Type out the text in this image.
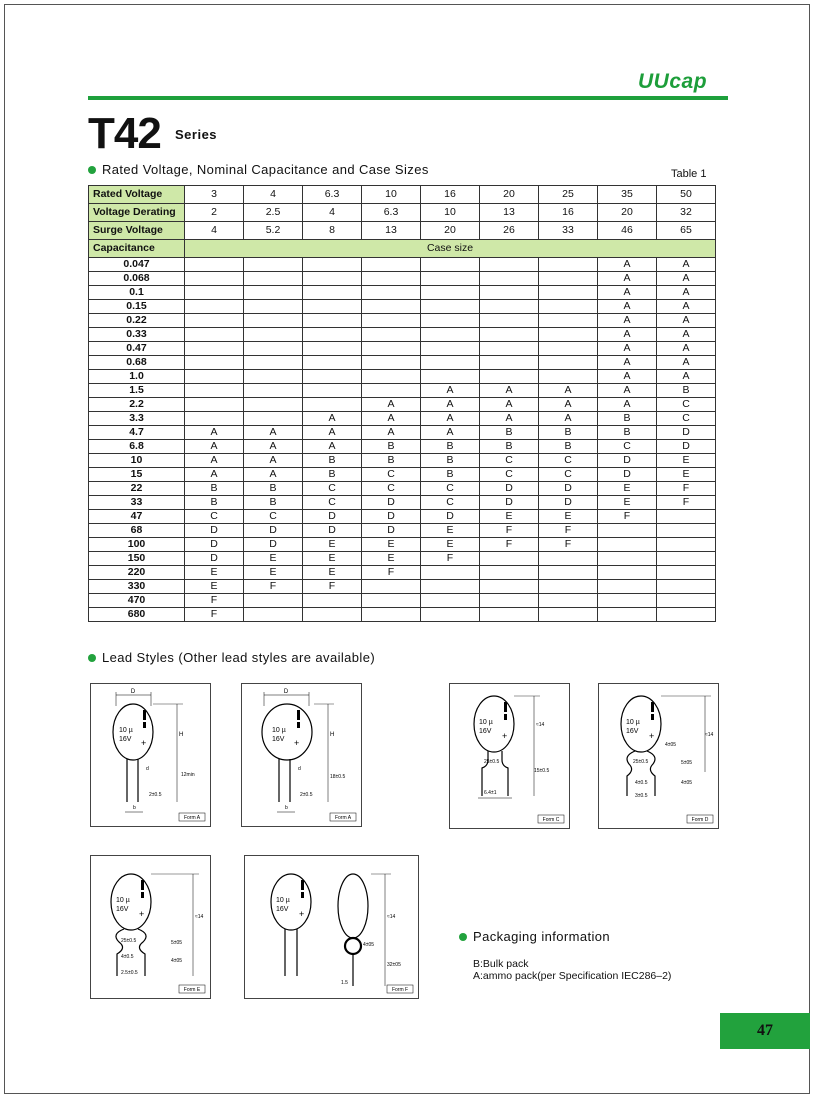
UUcap
T42 Series
Rated Voltage, Nominal Capacitance and Case Sizes	Table 1
Rated Voltage	3	4	6.3	10	16	20	25	35	50
Voltage Derating	2	2.5	4	6.3	10	13	16	20	32
Surge Voltage	4	5.2	8	13	20	26	33	46	65
Capacitance	Case size								
0.047								A	A
0.068								A	A
0.1								A	A
0.15								A	A
0.22								A	A
0.33								A	A
0.47								A	A
0.68								A	A
1.0								A	A
1.5					A	A	A	A	B
2.2				A	A	A	A	A	C
3.3			A	A	A	A	A	B	C
4.7	A	A	A	A	A	B	B	B	D
6.8	A	A	A	B	B	B	B	C	D
10	A	A	B	B	B	C	C	D	E
15	A	A	B	C	B	C	C	D	E
22	B	B	C	C	C	D	D	E	F
33	B	B	C	D	C	D	D	E	F
47	C	C	D	D	D	E	E	F	
68	D	D	D	D	E	F	F		
100	D	D	E	E	E	F	F		
150	D	E	E	E	F				
220	E	E	E	F					
330	E	F	F						
470	F								
680	F								
Lead Styles (Other lead styles are available)
D
10 µ
16V +
H
12min
d
2±0.5
b
Form A
D
10 µ
16V +
H
18±0.5
d
2±0.5
b
Form A
10 µ
16V +
≈14
15±0.5
25±0.5
6.4±1
Form C
10 µ
16V +	≈14
4±05
5±05
4±05
25±0.5
4±0.5
3±0.5
Form D
10 µ
16V +	≈14
5±05
4±05
25±0.5
4±0.5
2.5±0.5
Form E
10 µ
16V +	≈14
4±05
32±05
1.5
Form F
Packaging information
B:Bulk pack
A:ammo pack(per Specification IEC286–2)
47
